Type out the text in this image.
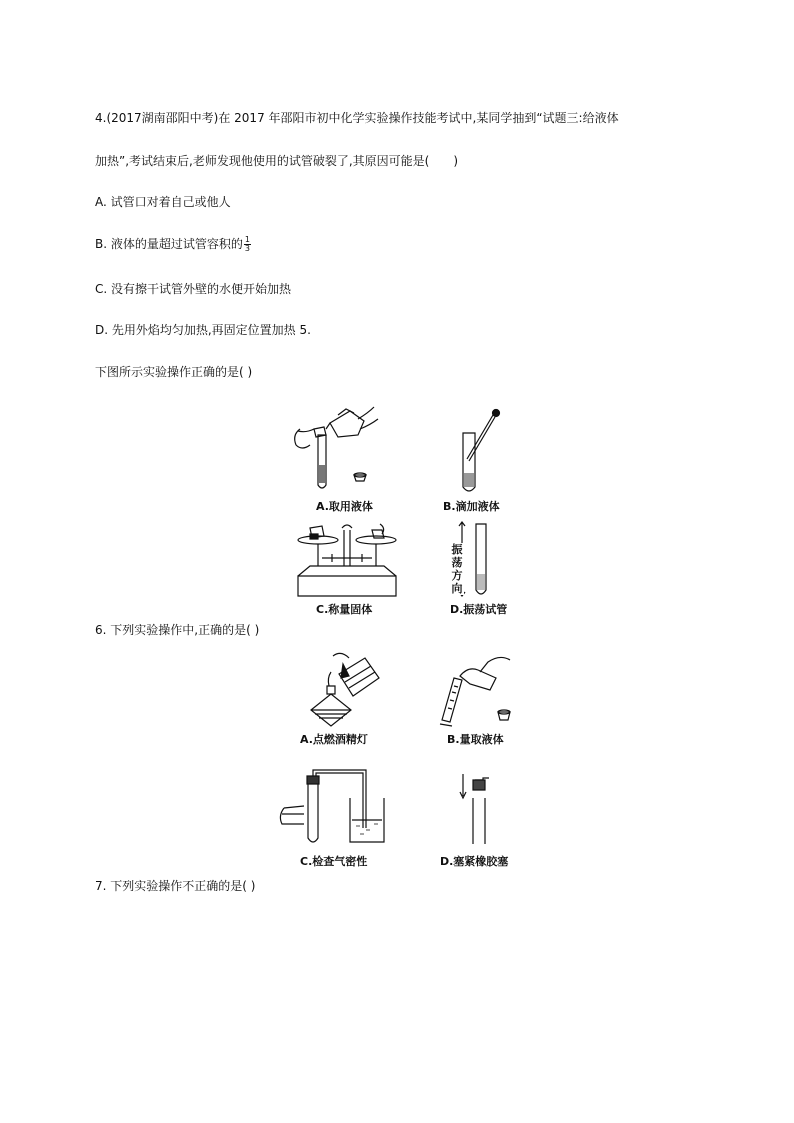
4.(2017湖南邵阳中考)在 2017 年邵阳市初中化学实验操作技能考试中,某同学抽到“试题三:给液体
加热”,考试结束后,老师发现他使用的试管破裂了,其原因可能是(　　)
A. 试管口对着自己或他人
B. 液体的量超过试管容积的 $\frac{1}{3}$
C. 没有擦干试管外壁的水便开始加热
D. 先用外焰均匀加热,再固定位置加热 5.
下图所示实验操作正确的是( )
A.取用液体	B.滴加液体
C.称量固体
振
荡
方
向
D.振荡试管
6. 下列实验操作中,正确的是( )
A.点燃酒精灯	B.量取液体
C.检查气密性	D.塞紧橡胶塞
7. 下列实验操作不正确的是( )
